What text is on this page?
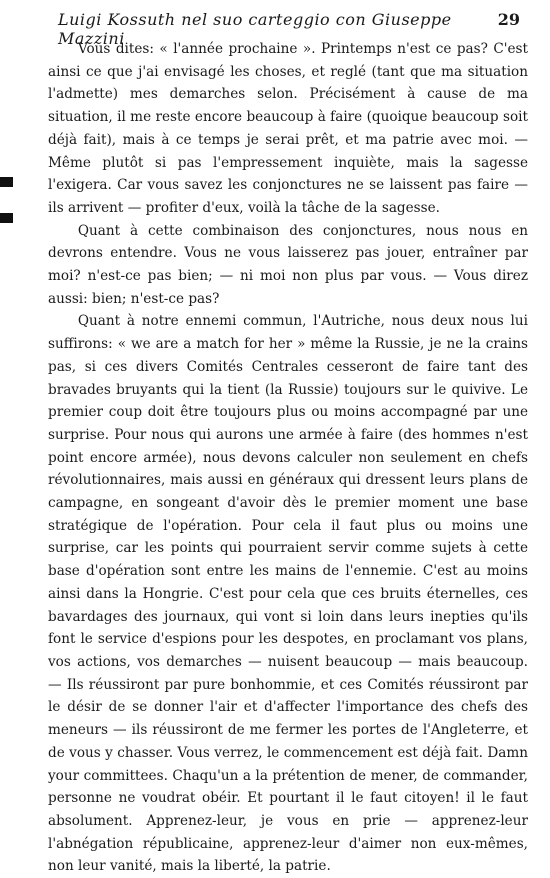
Luigi Kossuth nel suo carteggio con Giuseppe Mazzini
29

Vous dites: « l'année prochaine ». Printemps n'est ce pas? C'est ainsi ce que j'ai envisagé les choses, et reglé (tant que ma situation l'admette) mes demarches selon. Précisément à cause de ma situation, il me reste encore beaucoup à faire (quoique beaucoup soit déjà fait), mais à ce temps je serai prêt, et ma patrie avec moi. — Même plutôt si pas l'empressement inquiète, mais la sagesse l'exigera. Car vous savez les conjonctures ne se laissent pas faire — ils arrivent — profiter d'eux, voilà la tâche de la sagesse.

Quant à cette combinaison des conjonctures, nous nous en devrons entendre. Vous ne vous laisserez pas jouer, entraîner par moi? n'est-ce pas bien; — ni moi non plus par vous. — Vous direz aussi: bien; n'est-ce pas?

Quant à notre ennemi commun, l'Autriche, nous deux nous lui suffirons: « we are a match for her » même la Russie, je ne la crains pas, si ces divers Comités Centrales cesseront de faire tant des bravades bruyants qui la tient (la Russie) toujours sur le quivive. Le premier coup doit être toujours plus ou moins accompagné par une surprise. Pour nous qui aurons une armée à faire (des hommes n'est point encore armée), nous devons calculer non seulement en chefs révolutionnaires, mais aussi en généraux qui dressent leurs plans de campagne, en songeant d'avoir dès le premier moment une base stratégique de l'opération. Pour cela il faut plus ou moins une surprise, car les points qui pourraient servir comme sujets à cette base d'opération sont entre les mains de l'ennemie. C'est au moins ainsi dans la Hongrie. C'est pour cela que ces bruits éternelles, ces bavardages des journaux, qui vont si loin dans leurs inepties qu'ils font le service d'espions pour les despotes, en proclamant vos plans, vos actions, vos demarches — nuisent beaucoup — mais beaucoup. — Ils réussiront par pure bonhommie, et ces Comités réussiront par le désir de se donner l'air et d'affecter l'importance des chefs des meneurs — ils réussiront de me fermer les portes de l'Angleterre, et de vous y chasser. Vous verrez, le commencement est déjà fait. Damn your committees. Chaqu'un a la prétention de mener, de commander, personne ne voudrat obéir. Et pourtant il le faut citoyen! il le faut absolument. Apprenez-leur, je vous en prie — apprenez-leur l'abnégation républicaine, apprenez-leur d'aimer non eux-mêmes, non leur vanité, mais la liberté, la patrie.
